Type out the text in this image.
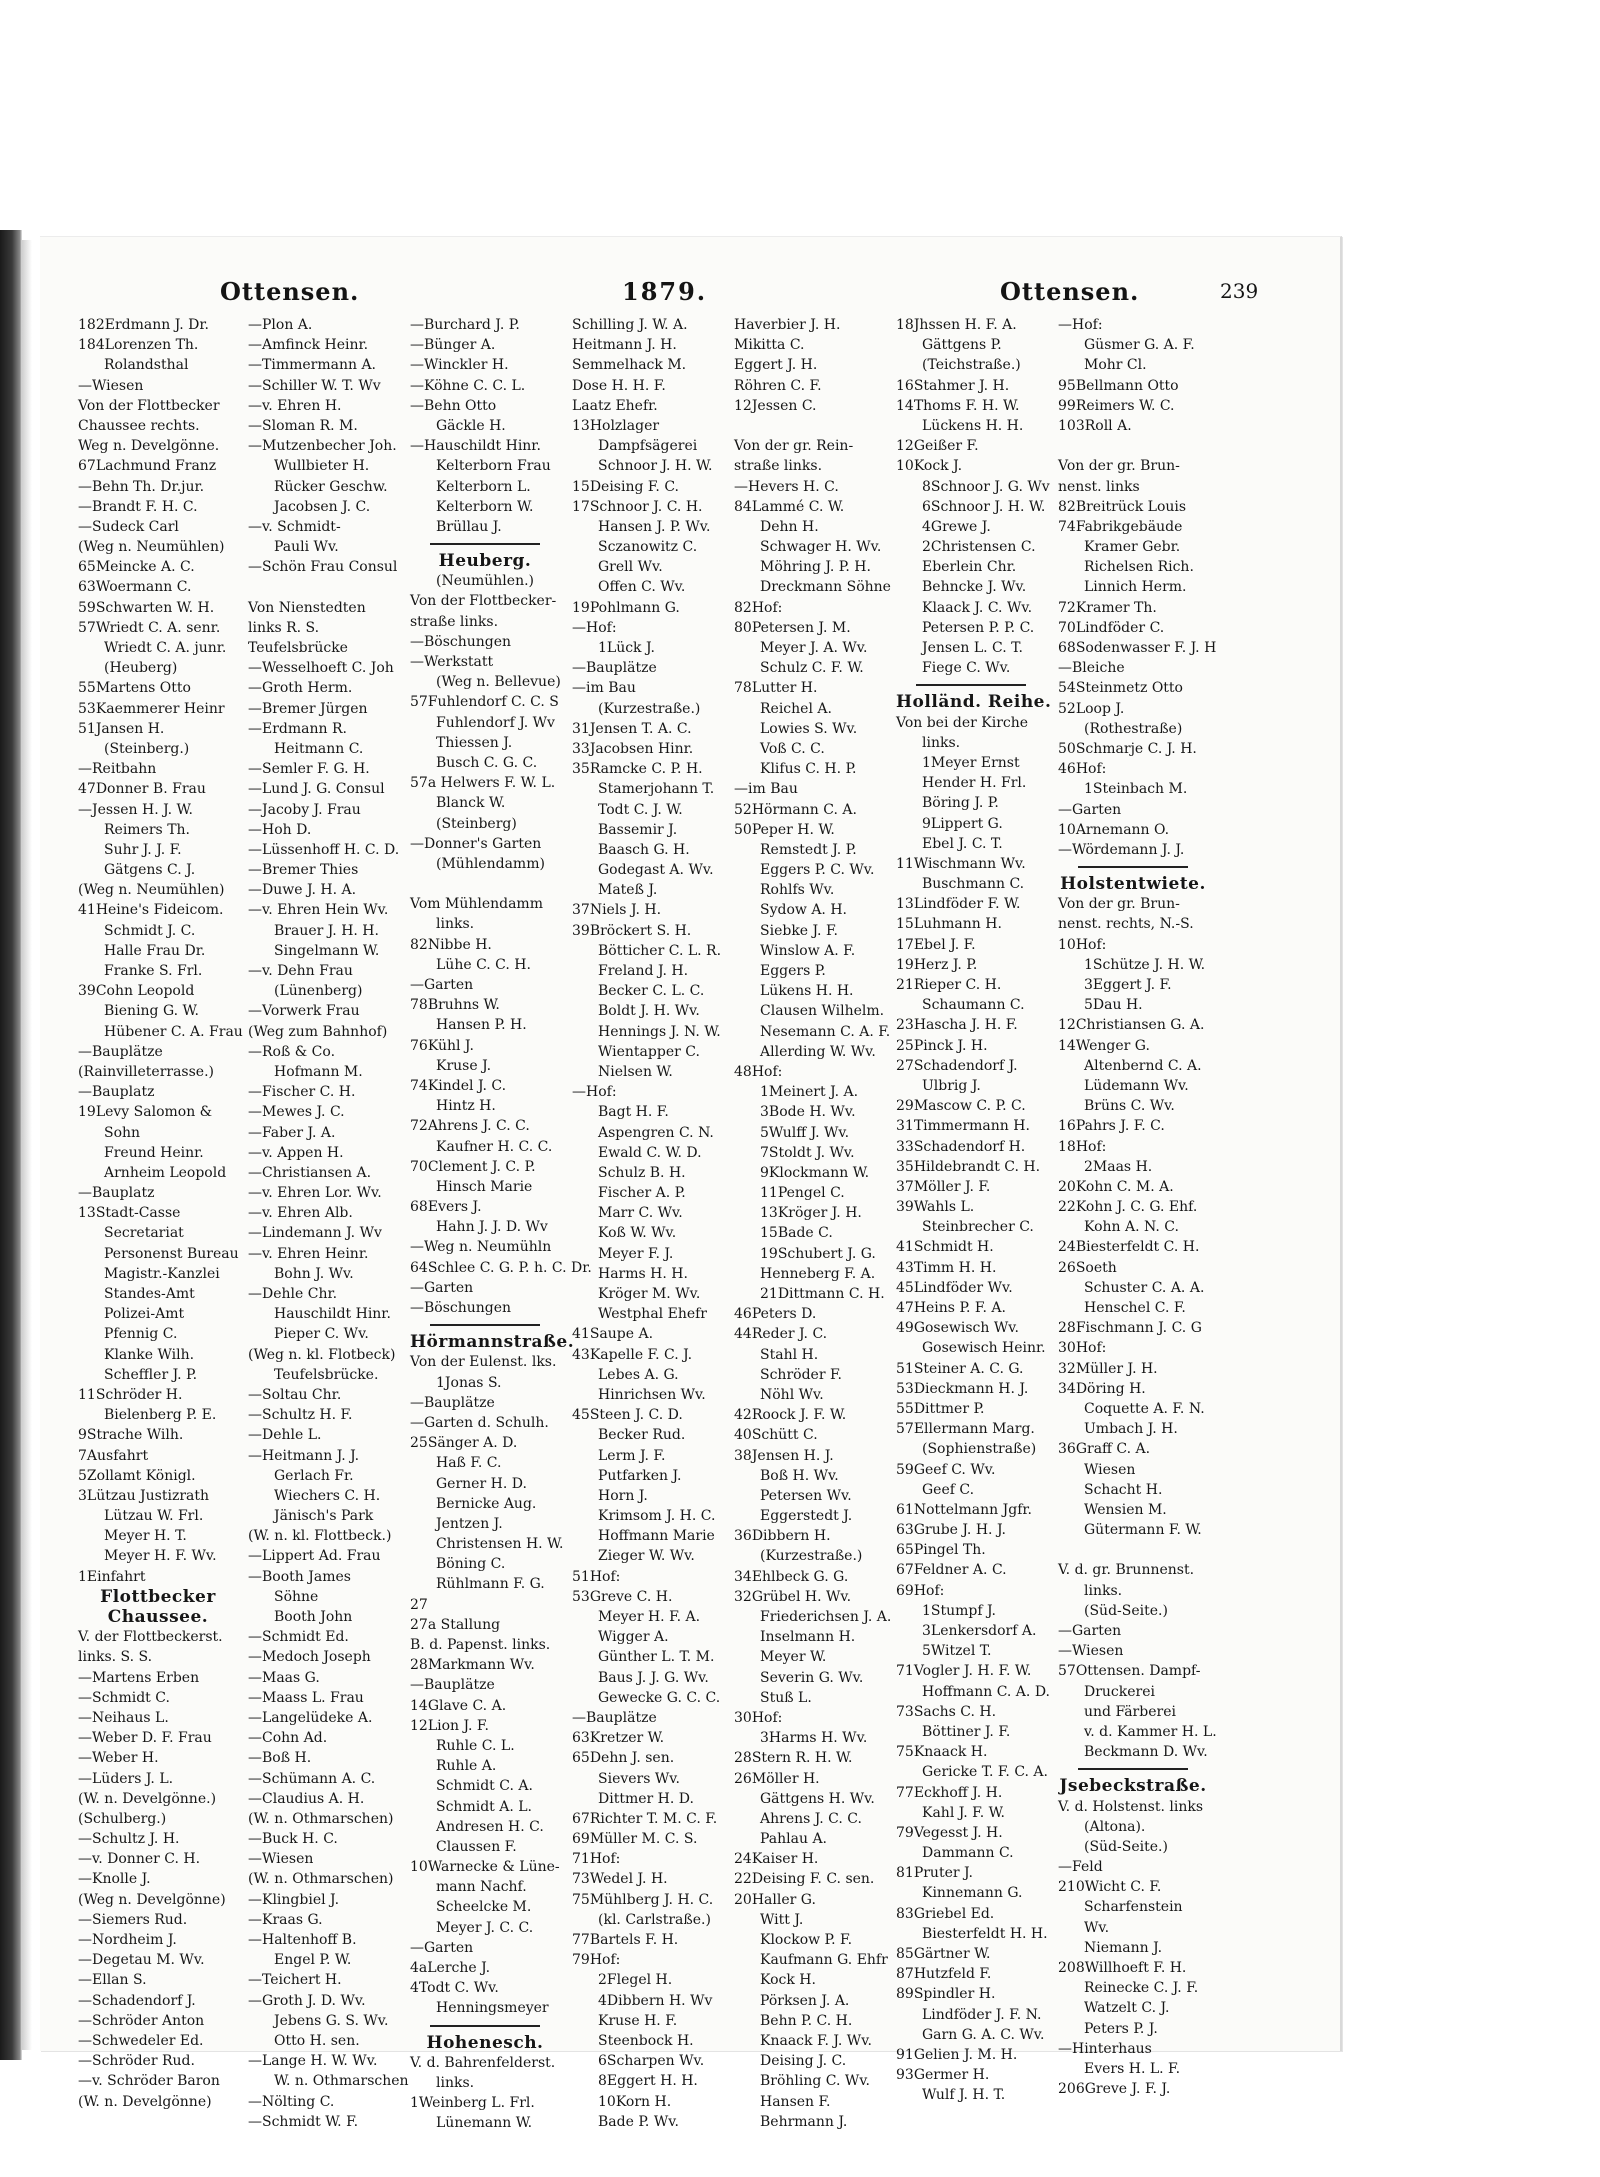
Ottensen.	1879.	Ottensen.	239
182Erdmann J. Dr.
184Lorenzen Th.
Rolandsthal
—Wiesen
Von der Flottbecker
Chaussee rechts.
Weg n. Develgönne.
67Lachmund Franz
—Behn Th. Dr.jur.
—Brandt F. H. C.
—Sudeck Carl
(Weg n. Neumühlen)
65Meincke A. C.
63Woermann C.
59Schwarten W. H.
57Wriedt C. A. senr.
Wriedt C. A. junr.
(Heuberg)
55Martens Otto
53Kaemmerer Heinr
51Jansen H.
(Steinberg.)
—Reitbahn
47Donner B. Frau
—Jessen H. J. W.
Reimers Th.
Suhr J. J. F.
Gätgens C. J.
(Weg n. Neumühlen)
41Heine's Fideicom.
Schmidt J. C.
Halle Frau Dr.
Franke S. Frl.
39Cohn Leopold
Biening G. W.
Hübener C. A. Frau
—Bauplätze
(Rainvilleterrasse.)
—Bauplatz
19Levy Salomon &
Sohn
Freund Heinr.
Arnheim Leopold
—Bauplatz
13Stadt-Casse
Secretariat
Personenst Bureau
Magistr.-Kanzlei
Standes-Amt
Polizei-Amt
Pfennig C.
Klanke Wilh.
Scheffler J. P.
11Schröder H.
Bielenberg P. E.
9Strache Wilh.
7Ausfahrt
5Zollamt Königl.
3Lützau Justizrath
Lützau W. Frl.
Meyer H. T.
Meyer H. F. Wv.
1Einfahrt
Flottbecker
Chaussee.
V. der Flottbeckerst.
links. S. S.
—Martens Erben
—Schmidt C.
—Neihaus L.
—Weber D. F. Frau
—Weber H.
—Lüders J. L.
(W. n. Develgönne.)
(Schulberg.)
—Schultz J. H.
—v. Donner C. H.
—Knolle J.
(Weg n. Develgönne)
—Siemers Rud.
—Nordheim J.
—Degetau M. Wv.
—Ellan S.
—Schadendorf J.
—Schröder Anton
—Schwedeler Ed.
—Schröder Rud.
—v. Schröder Baron
(W. n. Develgönne)
—Plon A.
—Amfinck Heinr.
—Timmermann A.
—Schiller W. T. Wv
—v. Ehren H.
—Sloman R. M.
—Mutzenbecher Joh.
Wullbieter H.
Rücker Geschw.
Jacobsen J. C.
—v. Schmidt-
Pauli Wv.
—Schön Frau Consul
Von Nienstedten
links R. S.
Teufelsbrücke
—Wesselhoeft C. Joh
—Groth Herm.
—Bremer Jürgen
—Erdmann R.
Heitmann C.
—Semler F. G. H.
—Lund J. G. Consul
—Jacoby J. Frau
—Hoh D.
—Lüssenhoff H. C. D.
—Bremer Thies
—Duwe J. H. A.
—v. Ehren Hein Wv.
Brauer J. H. H.
Singelmann W.
—v. Dehn Frau
(Lünenberg)
—Vorwerk Frau
(Weg zum Bahnhof)
—Roß & Co.
Hofmann M.
—Fischer C. H.
—Mewes J. C.
—Faber J. A.
—v. Appen H.
—Christiansen A.
—v. Ehren Lor. Wv.
—v. Ehren Alb.
—Lindemann J. Wv
—v. Ehren Heinr.
Bohn J. Wv.
—Dehle Chr.
Hauschildt Hinr.
Pieper C. Wv.
(Weg n. kl. Flotbeck)
Teufelsbrücke.
—Soltau Chr.
—Schultz H. F.
—Dehle L.
—Heitmann J. J.
Gerlach Fr.
Wiechers C. H.
Jänisch's Park
(W. n. kl. Flottbeck.)
—Lippert Ad. Frau
—Booth James
Söhne
Booth John
—Schmidt Ed.
—Medoch Joseph
—Maas G.
—Maass L. Frau
—Langelüdeke A.
—Cohn Ad.
—Boß H.
—Schümann A. C.
—Claudius A. H.
(W. n. Othmarschen)
—Buck H. C.
—Wiesen
(W. n. Othmarschen)
—Klingbiel J.
—Kraas G.
—Haltenhoff B.
Engel P. W.
—Teichert H.
—Groth J. D. Wv.
Jebens G. S. Wv.
Otto H. sen.
—Lange H. W. Wv.
W. n. Othmarschen
—Nölting C.
—Schmidt W. F.
—Burchard J. P.
—Bünger A.
—Winckler H.
—Köhne C. C. L.
—Behn Otto
Gäckle H.
—Hauschildt Hinr.
Kelterborn Frau
Kelterborn L.
Kelterborn W.
Brüllau J.
Heuberg.
(Neumühlen.)
Von der Flottbecker-
straße links.
—Böschungen
—Werkstatt
(Weg n. Bellevue)
57Fuhlendorf C. C. S
Fuhlendorf J. Wv
Thiessen J.
Busch C. G. C.
57a Helwers F. W. L.
Blanck W.
(Steinberg)
—Donner's Garten
(Mühlendamm)
Vom Mühlendamm
links.
82Nibbe H.
Lühe C. C. H.
—Garten
78Bruhns W.
Hansen P. H.
76Kühl J.
Kruse J.
74Kindel J. C.
Hintz H.
72Ahrens J. C. C.
Kaufner H. C. C.
70Clement J. C. P.
Hinsch Marie
68Evers J.
Hahn J. J. D. Wv
—Weg n. Neumühln
64Schlee C. G. P. h. C. Dr.
—Garten
—Böschungen
Hörmannstraße.
Von der Eulenst. lks.
1Jonas S.
—Bauplätze
—Garten d. Schulh.
25Sänger A. D.
Haß F. C.
Gerner H. D.
Bernicke Aug.
Jentzen J.
Christensen H. W.
Böning C.
Rühlmann F. G.
27
27a Stallung
B. d. Papenst. links.
28Markmann Wv.
—Bauplätze
14Glave C. A.
12Lion J. F.
Ruhle C. L.
Ruhle A.
Schmidt C. A.
Schmidt A. L.
Andresen H. C.
Claussen F.
10Warnecke & Lüne-
mann Nachf.
Scheelcke M.
Meyer J. C. C.
—Garten
4aLerche J.
4Todt C. Wv.
Henningsmeyer
Hohenesch.
V. d. Bahrenfelderst.
links.
1Weinberg L. Frl.
Lünemann W.
Schilling J. W. A.
Heitmann J. H.
Semmelhack M.
Dose H. H. F.
Laatz Ehefr.
13Holzlager
Dampfsägerei
Schnoor J. H. W.
15Deising F. C.
17Schnoor J. C. H.
Hansen J. P. Wv.
Sczanowitz C.
Grell Wv.
Offen C. Wv.
19Pohlmann G.
—Hof:
1Lück J.
—Bauplätze
—im Bau
(Kurzestraße.)
31Jensen T. A. C.
33Jacobsen Hinr.
35Ramcke C. P. H.
Stamerjohann T.
Todt C. J. W.
Bassemir J.
Baasch G. H.
Godegast A. Wv.
Mateß J.
37Niels J. H.
39Bröckert S. H.
Bötticher C. L. R.
Freland J. H.
Becker C. L. C.
Boldt J. H. Wv.
Hennings J. N. W.
Wientapper C.
Nielsen W.
—Hof:
Bagt H. F.
Aspengren C. N.
Ewald C. W. D.
Schulz B. H.
Fischer A. P.
Marr C. Wv.
Koß W. Wv.
Meyer F. J.
Harms H. H.
Kröger M. Wv.
Westphal Ehefr
41Saupe A.
43Kapelle F. C. J.
Lebes A. G.
Hinrichsen Wv.
45Steen J. C. D.
Becker Rud.
Lerm J. F.
Putfarken J.
Horn J.
Krimsom J. H. C.
Hoffmann Marie
Zieger W. Wv.
51Hof:
53Greve C. H.
Meyer H. F. A.
Wigger A.
Günther L. T. M.
Baus J. J. G. Wv.
Gewecke G. C. C.
—Bauplätze
63Kretzer W.
65Dehn J. sen.
Sievers Wv.
Dittmer H. D.
67Richter T. M. C. F.
69Müller M. C. S.
71Hof:
73Wedel J. H.
75Mühlberg J. H. C.
(kl. Carlstraße.)
77Bartels F. H.
79Hof:
2Flegel H.
4Dibbern H. Wv
Kruse H. F.
Steenbock H.
6Scharpen Wv.
8Eggert H. H.
10Korn H.
Bade P. Wv.
Haverbier J. H.
Mikitta C.
Eggert J. H.
Röhren C. F.
12Jessen C.
Von der gr. Rein-
straße links.
—Hevers H. C.
84Lammé C. W.
Dehn H.
Schwager H. Wv.
Möhring J. P. H.
Dreckmann Söhne
82Hof:
80Petersen J. M.
Meyer J. A. Wv.
Schulz C. F. W.
78Lutter H.
Reichel A.
Lowies S. Wv.
Voß C. C.
Klifus C. H. P.
—im Bau
52Hörmann C. A.
50Peper H. W.
Remstedt J. P.
Eggers P. C. Wv.
Rohlfs Wv.
Sydow A. H.
Siebke J. F.
Winslow A. F.
Eggers P.
Lükens H. H.
Clausen Wilhelm.
Nesemann C. A. F.
Allerding W. Wv.
48Hof:
1Meinert J. A.
3Bode H. Wv.
5Wulff J. Wv.
7Stoldt J. Wv.
9Klockmann W.
11Pengel C.
13Kröger J. H.
15Bade C.
19Schubert J. G.
Henneberg F. A.
21Dittmann C. H.
46Peters D.
44Reder J. C.
Stahl H.
Schröder F.
Nöhl Wv.
42Roock J. F. W.
40Schütt C.
38Jensen H. J.
Boß H. Wv.
Petersen Wv.
Eggerstedt J.
36Dibbern H.
(Kurzestraße.)
34Ehlbeck G. G.
32Grübel H. Wv.
Friederichsen J. A.
Inselmann H.
Meyer W.
Severin G. Wv.
Stuß L.
30Hof:
3Harms H. Wv.
28Stern R. H. W.
26Möller H.
Gättgens H. Wv.
Ahrens J. C. C.
Pahlau A.
24Kaiser H.
22Deising F. C. sen.
20Haller G.
Witt J.
Klockow P. F.
Kaufmann G. Ehfr
Kock H.
Pörksen J. A.
Behn P. C. H.
Knaack F. J. Wv.
Deising J. C.
Bröhling C. Wv.
Hansen F.
Behrmann J.
18Jhssen H. F. A.
Gättgens P.
(Teichstraße.)
16Stahmer J. H.
14Thoms F. H. W.
Lückens H. H.
12Geißer F.
10Kock J.
8Schnoor J. G. Wv
6Schnoor J. H. W.
4Grewe J.
2Christensen C.
Eberlein Chr.
Behncke J. Wv.
Klaack J. C. Wv.
Petersen P. P. C.
Jensen L. C. T.
Fiege C. Wv.
Holländ. Reihe.
Von bei der Kirche
links.
1Meyer Ernst
Hender H. Frl.
Böring J. P.
9Lippert G.
Ebel J. C. T.
11Wischmann Wv.
Buschmann C.
13Lindföder F. W.
15Luhmann H.
17Ebel J. F.
19Herz J. P.
21Rieper C. H.
Schaumann C.
23Hascha J. H. F.
25Pinck J. H.
27Schadendorf J.
Ulbrig J.
29Mascow C. P. C.
31Timmermann H.
33Schadendorf H.
35Hildebrandt C. H.
37Möller J. F.
39Wahls L.
Steinbrecher C.
41Schmidt H.
43Timm H. H.
45Lindföder Wv.
47Heins P. F. A.
49Gosewisch Wv.
Gosewisch Heinr.
51Steiner A. C. G.
53Dieckmann H. J.
55Dittmer P.
57Ellermann Marg.
(Sophienstraße)
59Geef C. Wv.
Geef C.
61Nottelmann Jgfr.
63Grube J. H. J.
65Pingel Th.
67Feldner A. C.
69Hof:
1Stumpf J.
3Lenkersdorf A.
5Witzel T.
71Vogler J. H. F. W.
Hoffmann C. A. D.
73Sachs C. H.
Böttiner J. F.
75Knaack H.
Gericke T. F. C. A.
77Eckhoff J. H.
Kahl J. F. W.
79Vegesst J. H.
Dammann C.
81Pruter J.
Kinnemann G.
83Griebel Ed.
Biesterfeldt H. H.
85Gärtner W.
87Hutzfeld F.
89Spindler H.
Lindföder J. F. N.
Garn G. A. C. Wv.
91Gelien J. M. H.
93Germer H.
Wulf J. H. T.
—Hof:
Güsmer G. A. F.
Mohr Cl.
95Bellmann Otto
99Reimers W. C.
103Roll A.
Von der gr. Brun-
nenst. links
82Breitrück Louis
74Fabrikgebäude
Kramer Gebr.
Richelsen Rich.
Linnich Herm.
72Kramer Th.
70Lindföder C.
68Sodenwasser F. J. H
—Bleiche
54Steinmetz Otto
52Loop J.
(Rothestraße)
50Schmarje C. J. H.
46Hof:
1Steinbach M.
—Garten
10Arnemann O.
—Wördemann J. J.
Holstentwiete.
Von der gr. Brun-
nenst. rechts, N.-S.
10Hof:
1Schütze J. H. W.
3Eggert J. F.
5Dau H.
12Christiansen G. A.
14Wenger G.
Altenbernd C. A.
Lüdemann Wv.
Brüns C. Wv.
16Pahrs J. F. C.
18Hof:
2Maas H.
20Kohn C. M. A.
22Kohn J. C. G. Ehf.
Kohn A. N. C.
24Biesterfeldt C. H.
26Soeth
Schuster C. A. A.
Henschel C. F.
28Fischmann J. C. G
30Hof:
32Müller J. H.
34Döring H.
Coquette A. F. N.
Umbach J. H.
36Graff C. A.
Wiesen
Schacht H.
Wensien M.
Gütermann F. W.
V. d. gr. Brunnenst.
links.
(Süd-Seite.)
—Garten
—Wiesen
57Ottensen. Dampf-
Druckerei
und Färberei
v. d. Kammer H. L.
Beckmann D. Wv.
Jsebeckstraße.
V. d. Holstenst. links
(Altona).
(Süd-Seite.)
—Feld
210Wicht C. F.
Scharfenstein
Wv.
Niemann J.
208Willhoeft F. H.
Reinecke C. J. F.
Watzelt C. J.
Peters P. J.
—Hinterhaus
Evers H. L. F.
206Greve J. F. J.
